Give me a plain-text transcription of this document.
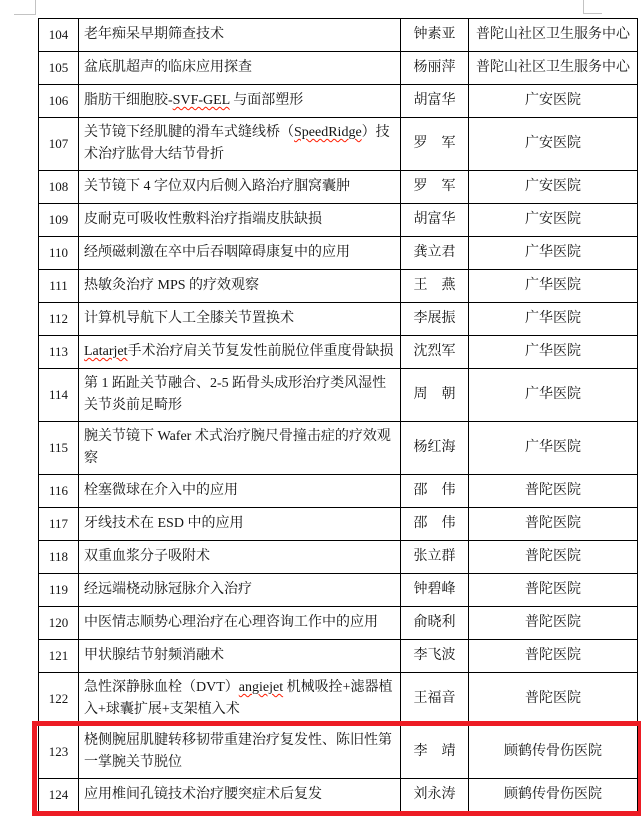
104	老年痴呆早期筛查技术	钟素亚	普陀山社区卫生服务中心
105	盆底肌超声的临床应用探查	杨丽萍	普陀山社区卫生服务中心
106	脂肪干细胞胶-SVF-GEL 与面部塑形	胡富华	广安医院
107	关节镜下经肌腱的滑车式缝线桥（SpeedRidge）技术治疗肱骨大结节骨折	罗　军	广安医院
108	关节镜下 4 字位双内后侧入路治疗腘窝囊肿	罗　军	广安医院
109	皮耐克可吸收性敷料治疗指端皮肤缺损	胡富华	广安医院
110	经颅磁刺激在卒中后吞咽障碍康复中的应用	龚立君	广华医院
111	热敏灸治疗 MPS 的疗效观察	王　燕	广华医院
112	计算机导航下人工全膝关节置换术	李展振	广华医院
113	Latarjet手术治疗肩关节复发性前脱位伴重度骨缺损	沈烈军	广华医院
114	第 1 跖趾关节融合、2-5 跖骨头成形治疗类风湿性关节炎前足畸形	周　朝	广华医院
115	腕关节镜下 Wafer 术式治疗腕尺骨撞击症的疗效观察	杨红海	广华医院
116	栓塞微球在介入中的应用	邵　伟	普陀医院
117	牙线技术在 ESD 中的应用	邵　伟	普陀医院
118	双重血浆分子吸附术	张立群	普陀医院
119	经远端桡动脉冠脉介入治疗	钟碧峰	普陀医院
120	中医情志顺势心理治疗在心理咨询工作中的应用	俞晓利	普陀医院
121	甲状腺结节射频消融术	李飞波	普陀医院
122	急性深静脉血栓（DVT）angiejet 机械吸拴+滤器植入+球囊扩展+支架植入术	王福音	普陀医院
123	桡侧腕屈肌腱转移韧带重建治疗复发性、陈旧性第一掌腕关节脱位	李　靖	顾鹤传骨伤医院
124	应用椎间孔镜技术治疗腰突症术后复发	刘永涛	顾鹤传骨伤医院
